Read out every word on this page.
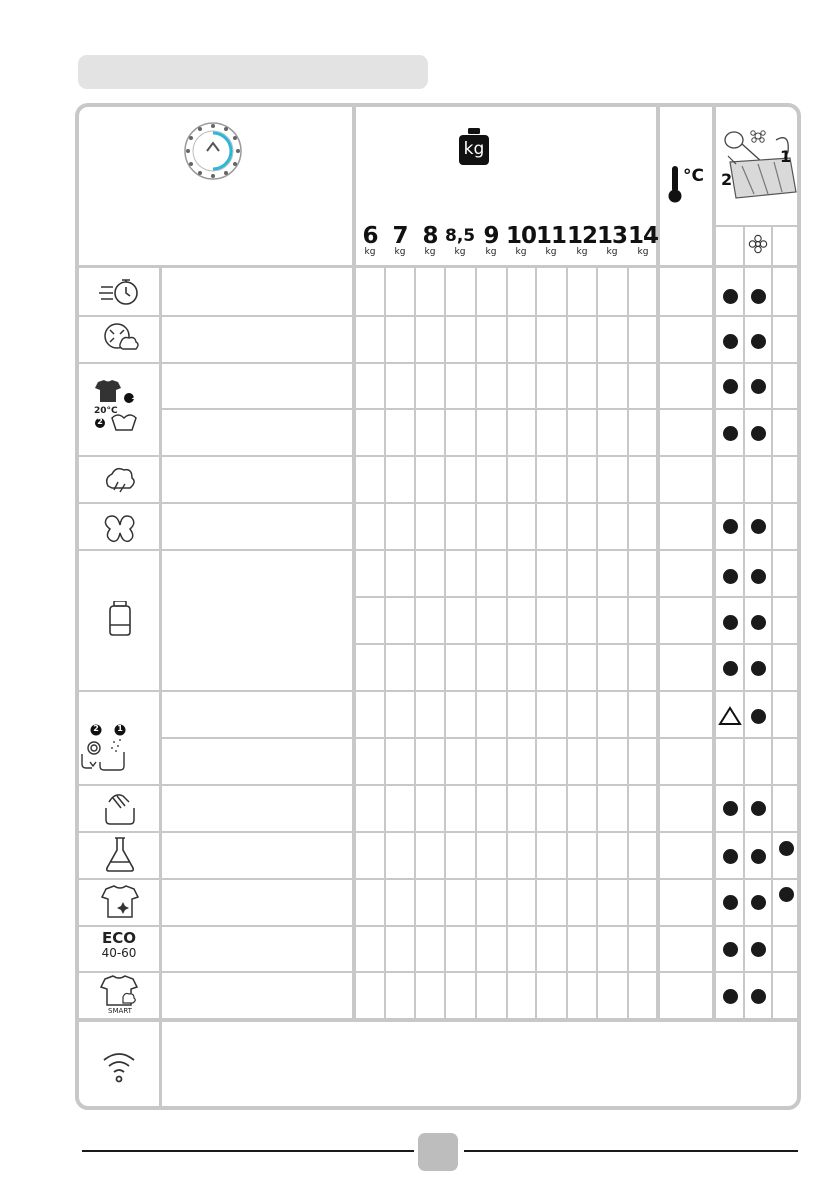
kg
°C
1
2
6
kg
7
kg
8
kg
8,5
kg
9
kg
10
kg
11
kg
12
kg
13
kg
14
kg
1
2
20°C
2 1
ECO
40-60
SMART
